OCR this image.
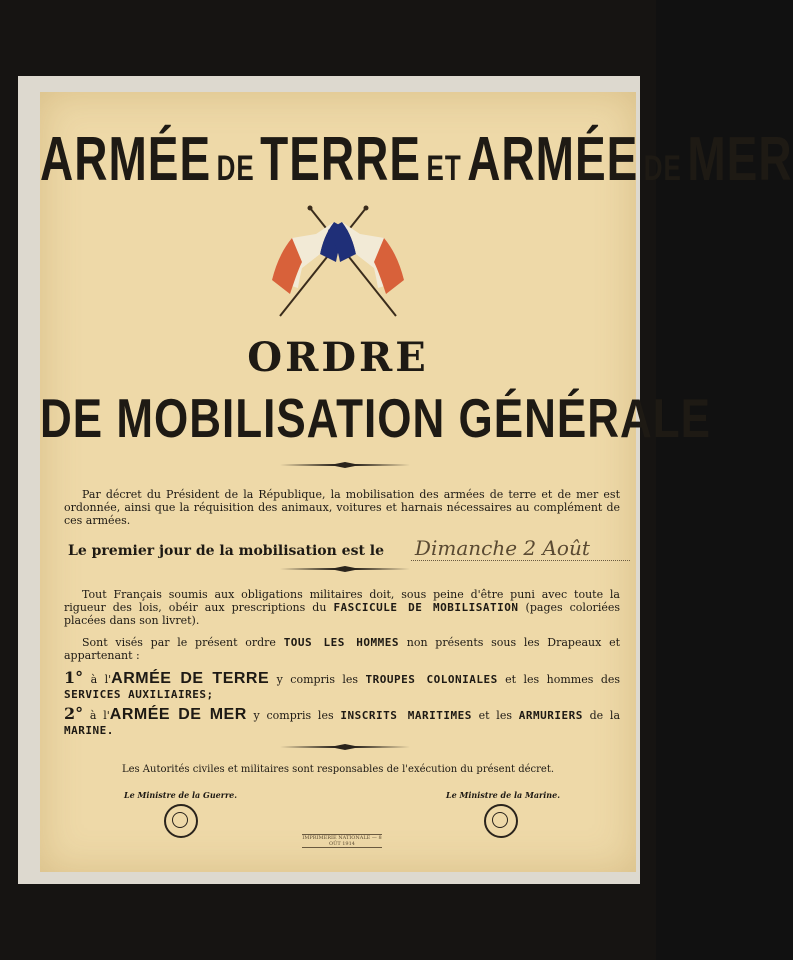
ARMÉE DE TERRE ET ARMÉE DE MER
ORDRE
DE MOBILISATION GÉNÉRALE
Par décret du Président de la République, la mobilisation des armées de terre et de mer est ordonnée, ainsi que la réquisition des animaux, voitures et harnais nécessaires au complément de ces armées.
Le premier jour de la mobilisation est le Dimanche 2 Août
Tout Français soumis aux obligations militaires doit, sous peine d'être puni avec toute la rigueur des lois, obéir aux prescriptions du FASCICULE DE MOBILISATION (pages coloriées placées dans son livret).
Sont visés par le présent ordre TOUS LES HOMMES non présents sous les Drapeaux et appartenant :
1° à l'ARMÉE DE TERRE y compris les TROUPES COLONIALES et les hommes des SERVICES AUXILIAIRES;
2° à l'ARMÉE DE MER y compris les INSCRITS MARITIMES et les ARMURIERS de la MARINE.
Les Autorités civiles et militaires sont responsables de l'exécution du présent décret.
Le Ministre de la Guerre.	Le Ministre de la Marine.
IMPRIMERIE NATIONALE — 8 OÛT 1914
